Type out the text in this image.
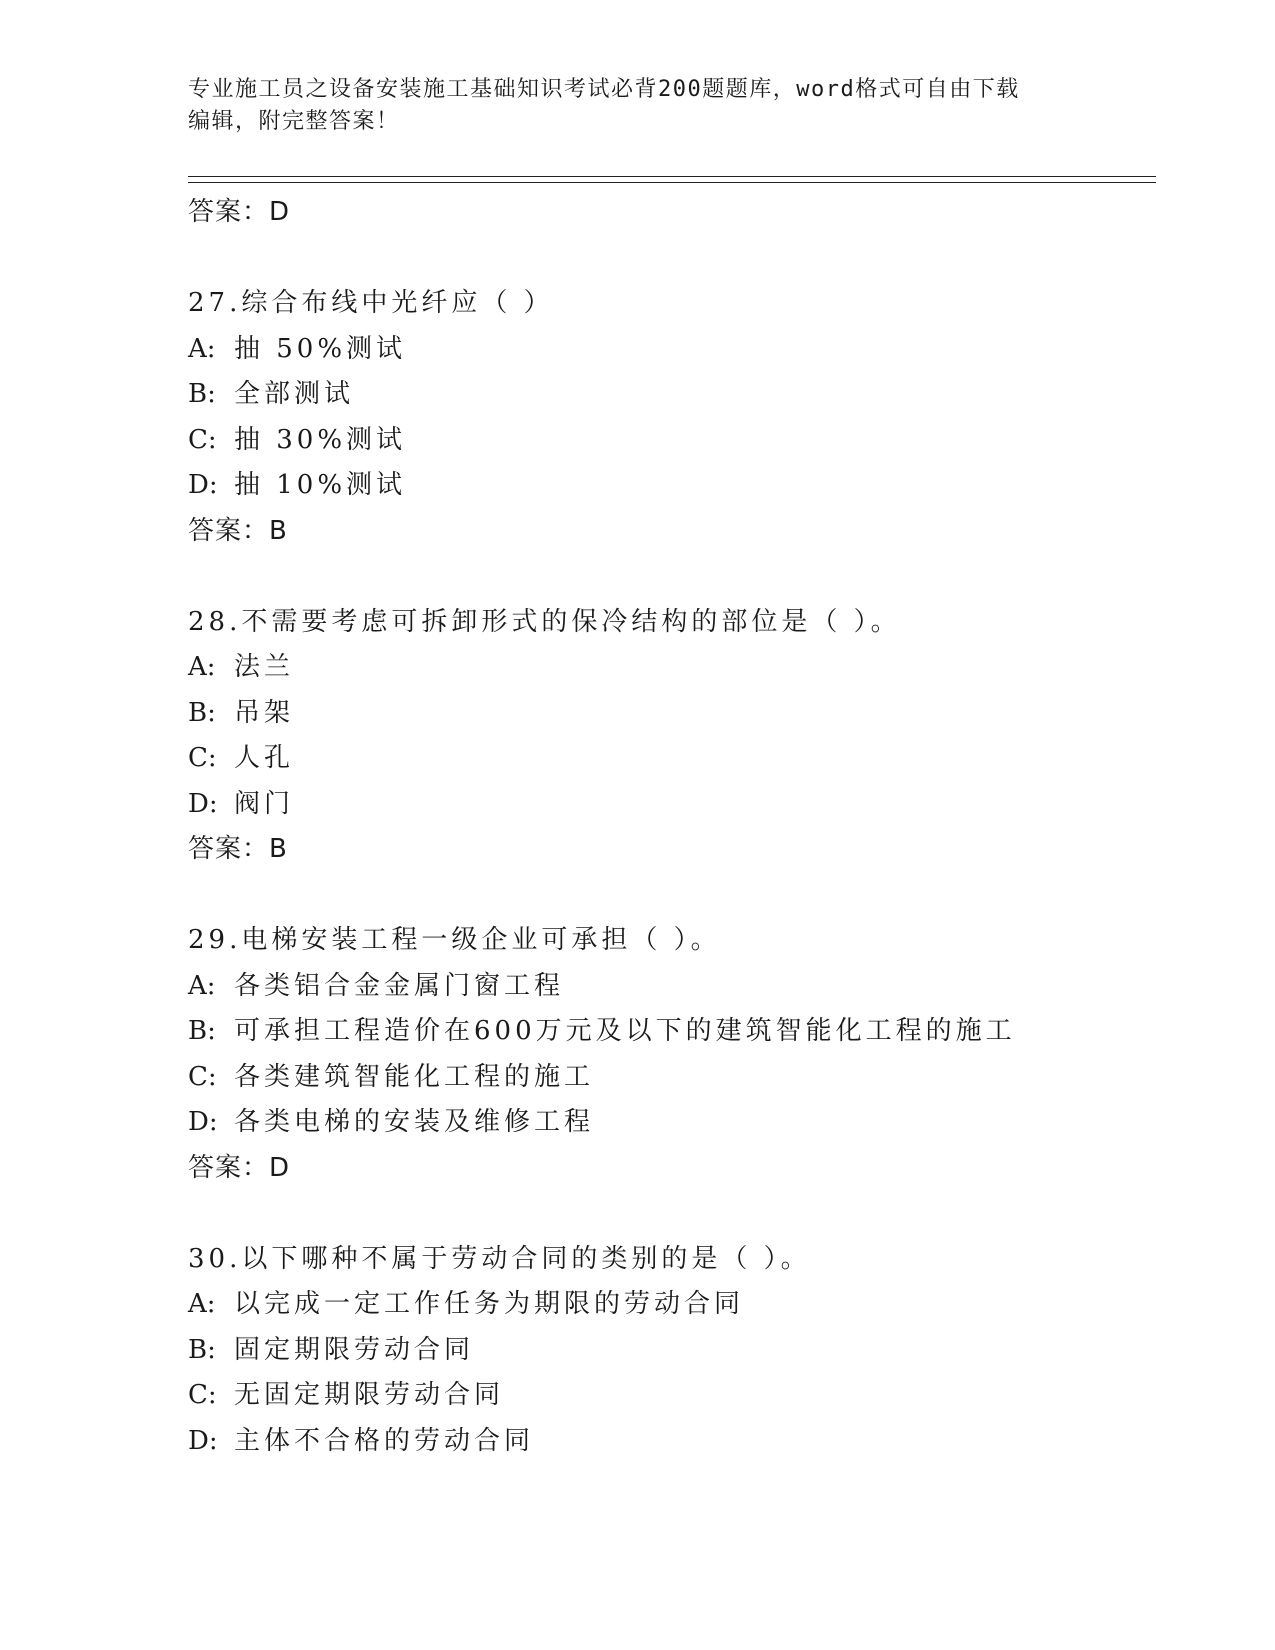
专业施工员之设备安装施工基础知识考试必背200题题库，word格式可自由下载
编辑，附完整答案！
答案：D
27.综合布线中光纤应（ ）
A: 抽 50%测试
B: 全部测试
C: 抽 30%测试
D: 抽 10%测试
答案：B
28.不需要考虑可拆卸形式的保冷结构的部位是（ ）。
A: 法兰
B: 吊架
C: 人孔
D: 阀门
答案：B
29.电梯安装工程一级企业可承担（ ）。
A: 各类铝合金金属门窗工程
B: 可承担工程造价在600万元及以下的建筑智能化工程的施工
C: 各类建筑智能化工程的施工
D: 各类电梯的安装及维修工程
答案：D
30.以下哪种不属于劳动合同的类别的是（ ）。
A: 以完成一定工作任务为期限的劳动合同
B: 固定期限劳动合同
C: 无固定期限劳动合同
D: 主体不合格的劳动合同
